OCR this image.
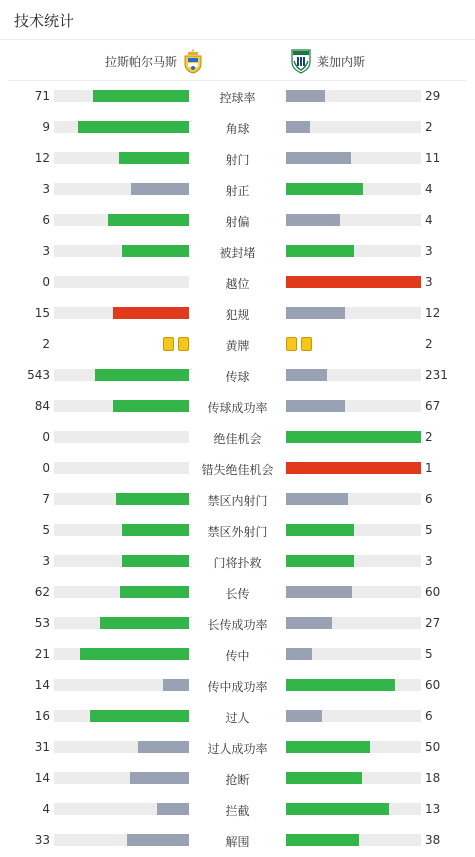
技术统计
拉斯帕尔马斯	莱加内斯
71	控球率	29
9	角球	2
12	射门	11
3	射正	4
6	射偏	4
3	被封堵	3
0	越位	3
15	犯规	12
2	黄牌	2
543	传球	231
84	传球成功率	67
0	绝佳机会	2
0	错失绝佳机会	1
7	禁区内射门	6
5	禁区外射门	5
3	门将扑救	3
62	长传	60
53	长传成功率	27
21	传中	5
14	传中成功率	60
16	过人	6
31	过人成功率	50
14	抢断	18
4	拦截	13
33	解围	38
